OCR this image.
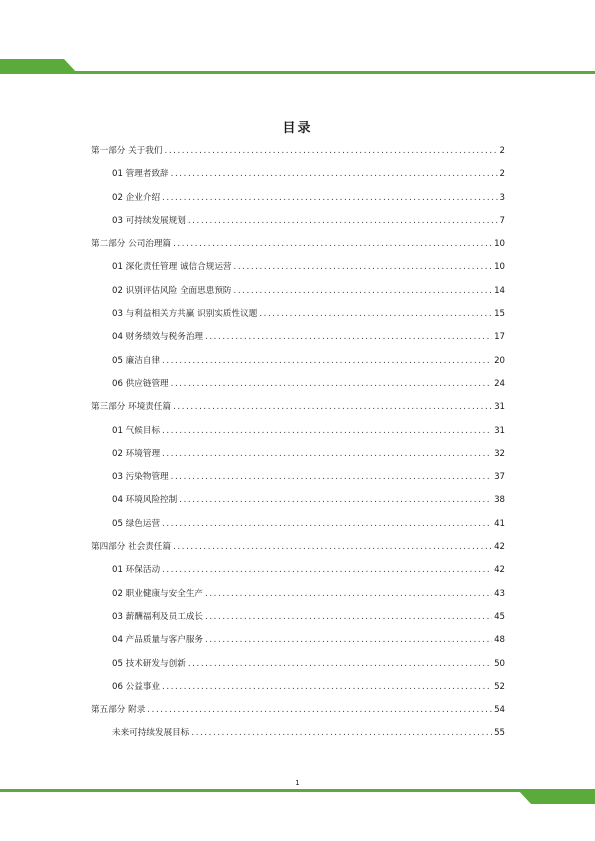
目录
第一部分 关于我们 .....	2
01 管理者致辞 .....	2
02 企业介绍 .....	3
03 可持续发展规划 .....	7
第二部分 公司治理篇 .....	10
01 深化责任管理 诚信合规运营 .....	10
02 识别评估风险 全面思患预防 .....	14
03 与利益相关方共赢 识别实质性议题 .....	15
04 财务绩效与税务治理 .....	17
05 廉洁自律 .....	20
06 供应链管理 .....	24
第三部分 环境责任篇 .....	31
01 气候目标 .....	31
02 环境管理 .....	32
03 污染物管理 .....	37
04 环境风险控制 .....	38
05 绿色运营 .....	41
第四部分 社会责任篇 .....	42
01 环保活动 .....	42
02 职业健康与安全生产 .....	43
03 薪酬福利及员工成长 .....	45
04 产品质量与客户服务 .....	48
05 技术研发与创新 .....	50
06 公益事业 .....	52
第五部分 附录 .....	54
未来可持续发展目标 .....	55
1
